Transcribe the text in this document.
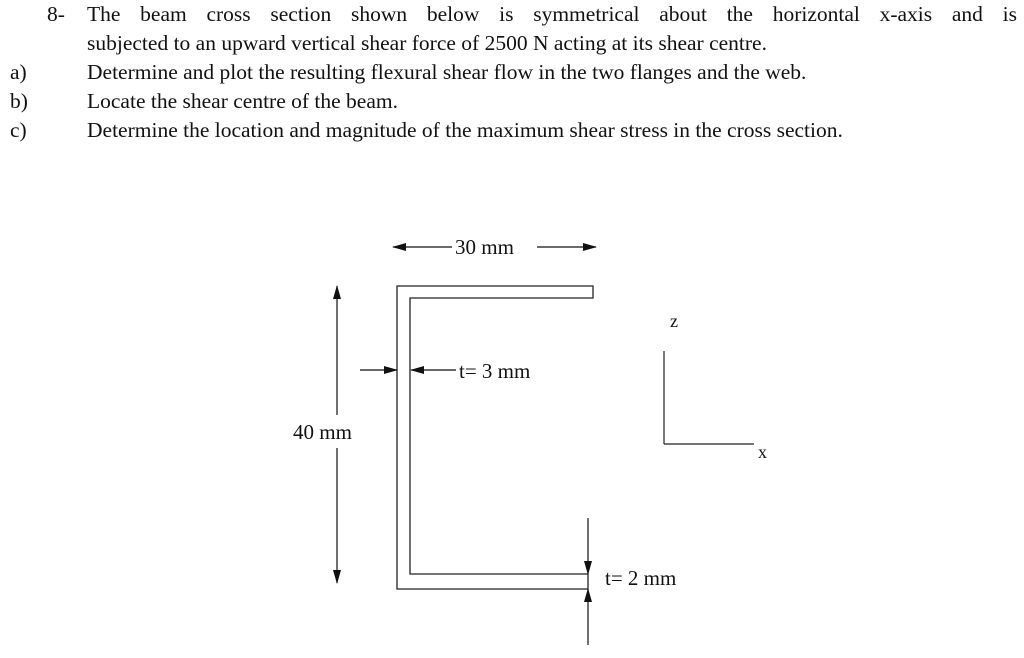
8- The beam cross section shown below is symmetrical about the horizontal x-axis and is
subjected to an upward vertical shear force of 2500 N acting at its shear centre.
a)	Determine and plot the resulting flexural shear flow in the two flanges and the web.
b)	Locate the shear centre of the beam.
c)	Determine the location and magnitude of the maximum shear stress in the cross section.
30 mm
40 mm
t= 3 mm
t= 2 mm
z
x
